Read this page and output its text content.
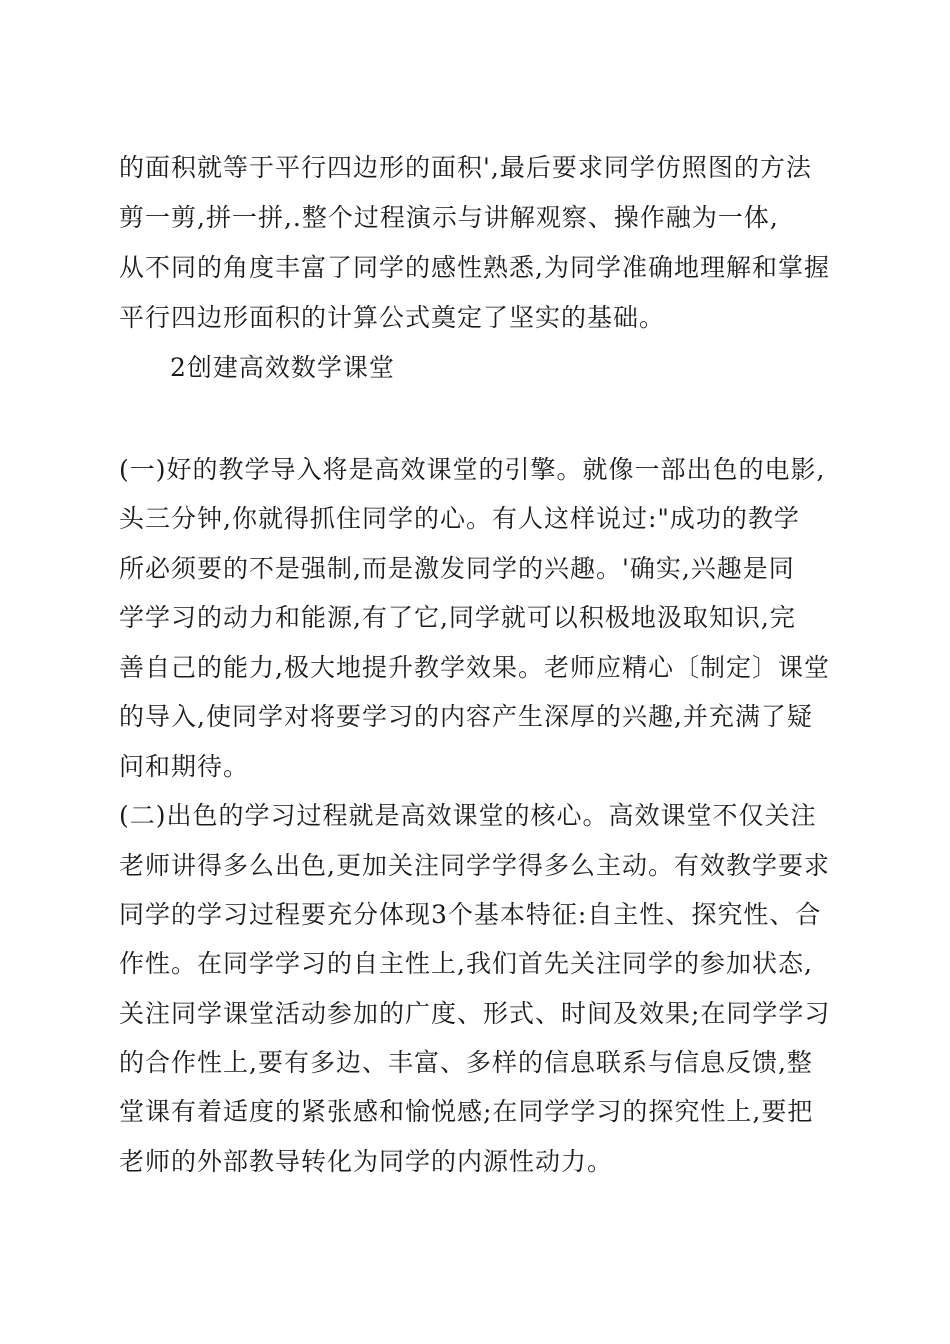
的面积就等于平行四边形的面积',最后要求同学仿照图的方法
剪一剪,拼一拼,.整个过程演示与讲解观察、操作融为一体,
从不同的角度丰富了同学的感性熟悉,为同学准确地理解和掌握
平行四边形面积的计算公式奠定了坚实的基础。
2创建高效数学课堂
(一)好的教学导入将是高效课堂的引擎。就像一部出色的电影,
头三分钟,你就得抓住同学的心。有人这样说过:"成功的教学
所必须要的不是强制,而是激发同学的兴趣。'确实,兴趣是同
学学习的动力和能源,有了它,同学就可以积极地汲取知识,完
善自己的能力,极大地提升教学效果。老师应精心〔制定〕课堂
的导入,使同学对将要学习的内容产生深厚的兴趣,并充满了疑
问和期待。
(二)出色的学习过程就是高效课堂的核心。高效课堂不仅关注
老师讲得多么出色,更加关注同学学得多么主动。有效教学要求
同学的学习过程要充分体现3个基本特征:自主性、探究性、合
作性。在同学学习的自主性上,我们首先关注同学的参加状态,
关注同学课堂活动参加的广度、形式、时间及效果;在同学学习
的合作性上,要有多边、丰富、多样的信息联系与信息反馈,整
堂课有着适度的紧张感和愉悦感;在同学学习的探究性上,要把
老师的外部教导转化为同学的内源性动力。
